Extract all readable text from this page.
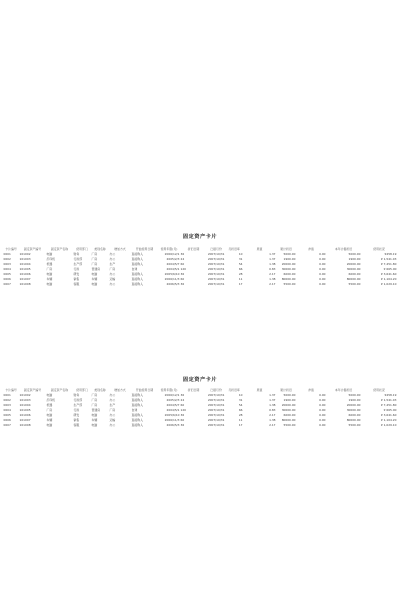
固定资产卡片
卡片编号	固定资产编号	固定资产名称	使用部门	类别名称	增加方式	开始使用日期	使用年限(月)	折旧日期	已提月份	月折旧率	原值	累计折旧	净值	本年计提折旧	使用状况
0001	101002	电脑	财务	厂房	办公	直接购入	2006/12/1	36	2007/10/31	10	1.37	5000.00	0.00	5000.00	¥458.19
0002	101003	打印机	行政部	厂房	办公	直接购入	2005/2/3	24	2007/10/31	31	1.37	1900.00	0.00	1900.00	¥ 1,541.03
0003	101004	机器	生产部	厂房	生产	直接购入	2004/5/7	60	2007/10/31	54	1.38	20000.00	0.00	20000.00	¥ 7,451.80
0004	101005	厂房	行政	普通房	厂房	自建	2004/5/1	120	2007/10/31	66	0.83	30000.00	0.00	30000.00	¥ 665.00
0005	101006	电脑	研发	电脑	办公	直接购入	2005/6/10	36	2007/10/31	28	2.17	6000.00	0.00	6000.00	¥ 3,641.60
0006	101007	车辆	销售	车辆	运输	直接购入	2006/11/3	60	2007/10/31	11	1.38	80000.00	0.00	80000.00	¥ 1,104.20
0007	101008	电脑	客服	电脑	办公	直接购入	2006/5/3	36	2007/10/31	17	2.17	5500.00	0.00	5500.00	¥ 1,029.10
固定资产卡片
卡片编号	固定资产编号	固定资产名称	使用部门	类别名称	增加方式	开始使用日期	使用年限(月)	折旧日期	已提月份	月折旧率	原值	累计折旧	净值	本年计提折旧	使用状况
0001	101002	电脑	财务	厂房	办公	直接购入	2006/12/1	36	2007/10/31	10	1.37	5000.00	0.00	5000.00	¥458.19
0002	101003	打印机	行政部	厂房	办公	直接购入	2005/2/3	24	2007/10/31	31	1.37	1900.00	0.00	1900.00	¥ 1,541.03
0003	101004	机器	生产部	厂房	生产	直接购入	2004/5/7	60	2007/10/31	54	1.38	20000.00	0.00	20000.00	¥ 7,451.80
0004	101005	厂房	行政	普通房	厂房	自建	2004/5/1	120	2007/10/31	66	0.83	30000.00	0.00	30000.00	¥ 665.00
0005	101006	电脑	研发	电脑	办公	直接购入	2005/6/10	36	2007/10/31	28	2.17	6000.00	0.00	6000.00	¥ 3,641.60
0006	101007	车辆	销售	车辆	运输	直接购入	2006/11/3	60	2007/10/31	11	1.38	80000.00	0.00	80000.00	¥ 1,104.20
0007	101008	电脑	客服	电脑	办公	直接购入	2006/5/3	36	2007/10/31	17	2.17	5500.00	0.00	5500.00	¥ 1,029.10
